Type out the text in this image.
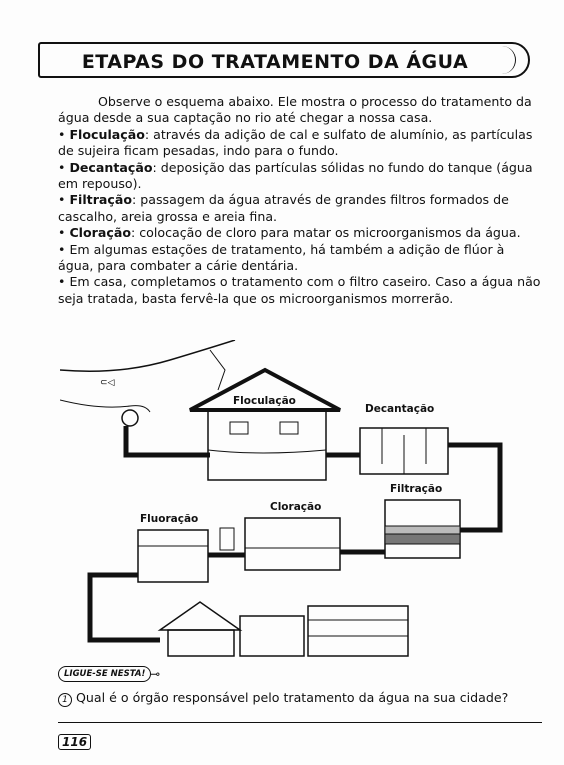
ETAPAS DO TRATAMENTO DA ÁGUA

Observe o esquema abaixo. Ele mostra o processo do tratamento da água desde a sua captação no rio até chegar a nossa casa.

• Floculação: através da adição de cal e sulfato de alumínio, as partículas de sujeira ficam pesadas, indo para o fundo.

• Decantação: deposição das partículas sólidas no fundo do tanque (água em repouso).

• Filtração: passagem da água através de grandes filtros formados de cascalho, areia grossa e areia fina.

• Cloração: colocação de cloro para matar os microorganismos da água.

• Em algumas estações de tratamento, há também a adição de flúor à água, para combater a cárie dentária.

• Em casa, completamos o tratamento com o filtro caseiro. Caso a água não seja tratada, basta fervê-la que os microorganismos morrerão.

⊂◁
Floculação
Decantação
Filtração
Cloração
Fluoração
LIGUE-SE NESTA! ⊸
1 Qual é o órgão responsável pelo tratamento da água na sua cidade?
116
